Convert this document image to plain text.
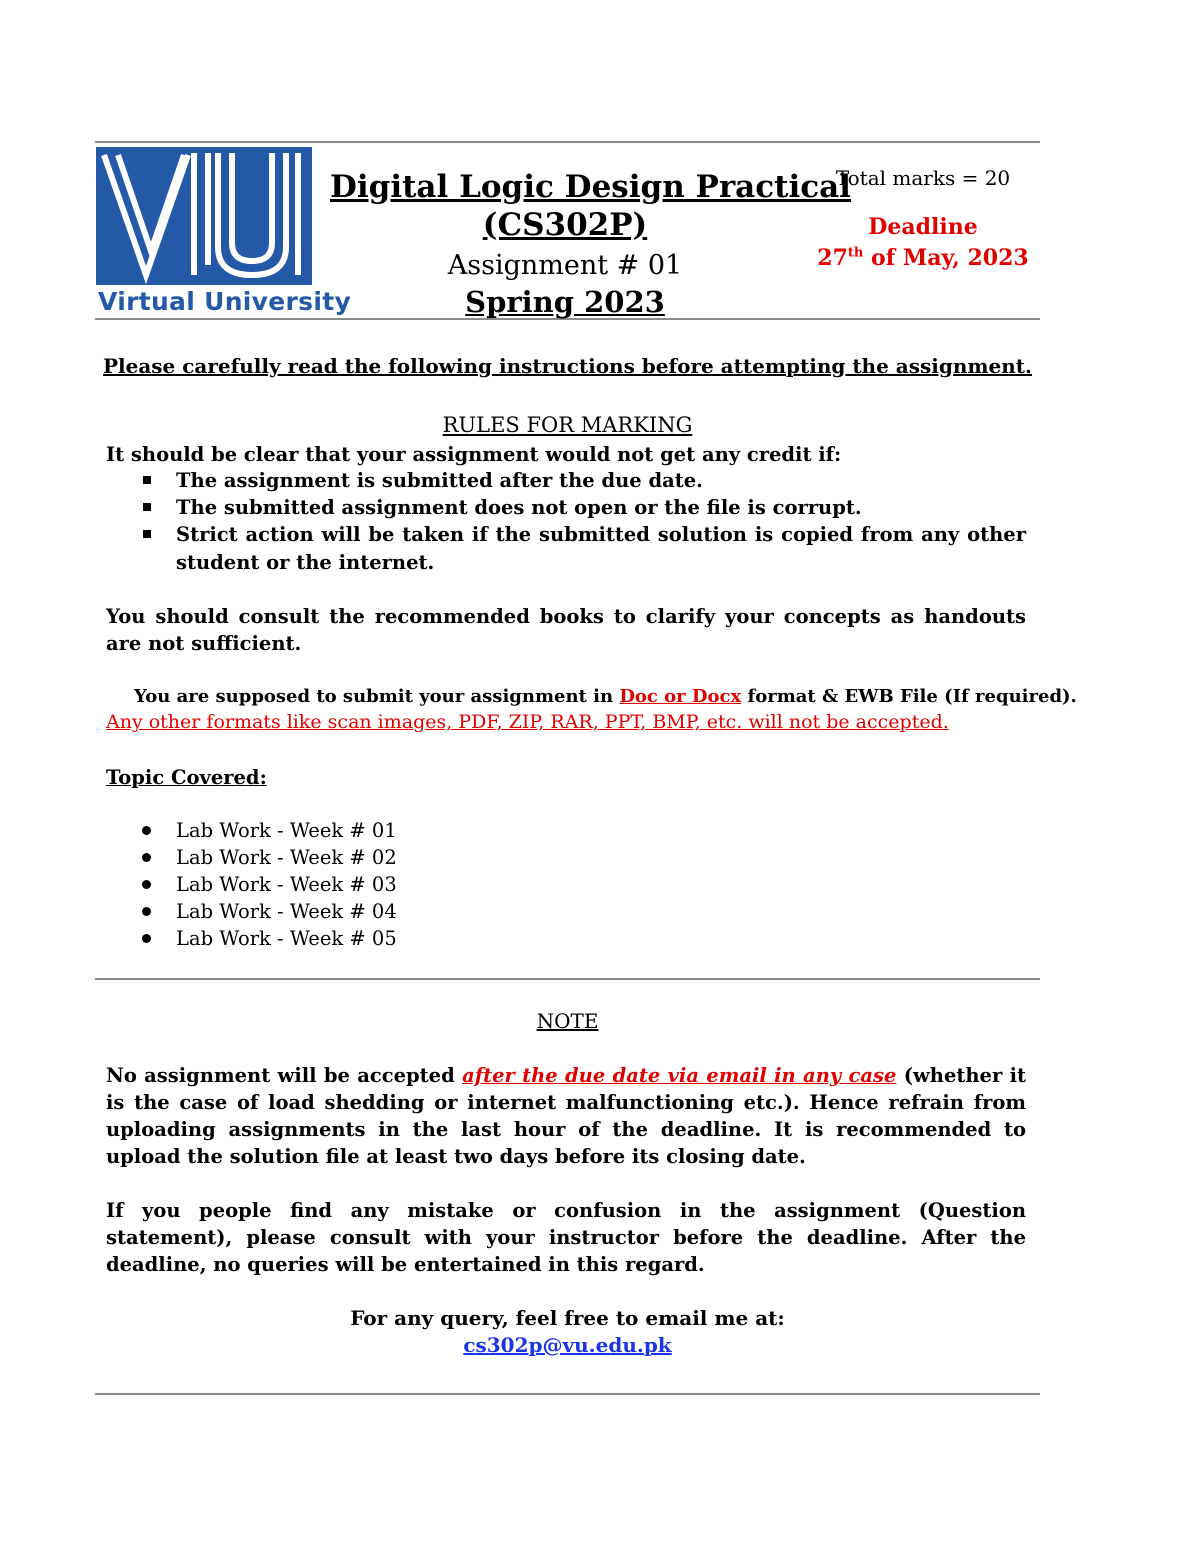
Virtual University
Digital Logic Design Practical
(CS302P)
Assignment # 01
Spring 2023
Total marks = 20
Deadline
27th of May, 2023
Please carefully read the following instructions before attempting the assignment.
RULES FOR MARKING
It should be clear that your assignment would not get any credit if:
The assignment is submitted after the due date.
The submitted assignment does not open or the file is corrupt.
Strict action will be taken if the submitted solution is copied from any other student or the internet.
You should consult the recommended books to clarify your concepts as handouts are not sufficient.
You are supposed to submit your assignment in Doc or Docx format & EWB File (If required).
Any other formats like scan images, PDF, ZIP, RAR, PPT, BMP, etc. will not be accepted.
Topic Covered:
Lab Work - Week # 01
Lab Work - Week # 02
Lab Work - Week # 03
Lab Work - Week # 04
Lab Work - Week # 05
NOTE
No assignment will be accepted after the due date via email in any case (whether it is the case of load shedding or internet malfunctioning etc.). Hence refrain from uploading assignments in the last hour of the deadline. It is recommended to upload the solution file at least two days before its closing date.
If you people find any mistake or confusion in the assignment (Question statement), please consult with your instructor before the deadline. After the deadline, no queries will be entertained in this regard.
For any query, feel free to email me at:
cs302p@vu.edu.pk
